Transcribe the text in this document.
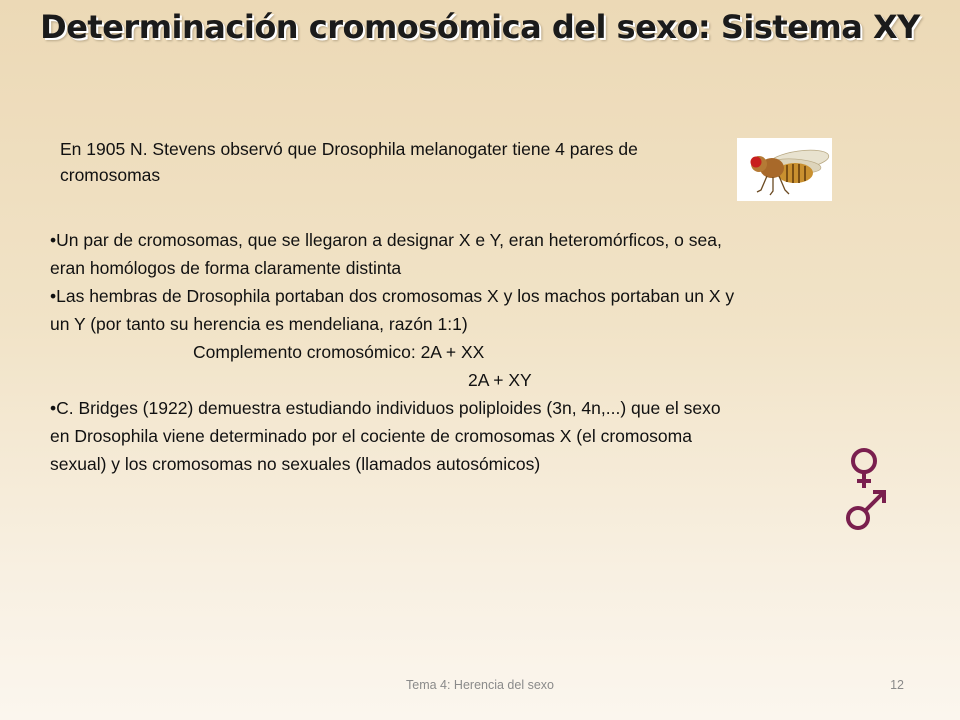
Determinación cromosómica del sexo: Sistema XY
En 1905 N. Stevens observó que Drosophila melanogater tiene 4 pares de
cromosomas

•Un par de cromosomas, que se llegaron a designar X e Y, eran heteromórficos, o sea,

eran homólogos de forma claramente distinta

•Las hembras de Drosophila portaban dos cromosomas X y los machos portaban un X y

un Y (por tanto su herencia es mendeliana, razón 1:1)

Complemento cromosómico: 2A + XX

2A + XY

•C. Bridges (1922) demuestra estudiando individuos poliploides (3n, 4n,...) que el sexo

en Drosophila viene determinado por el cociente de cromosomas X (el cromosoma

sexual) y los cromosomas no sexuales (llamados autosómicos)

Tema 4: Herencia del sexo	12
